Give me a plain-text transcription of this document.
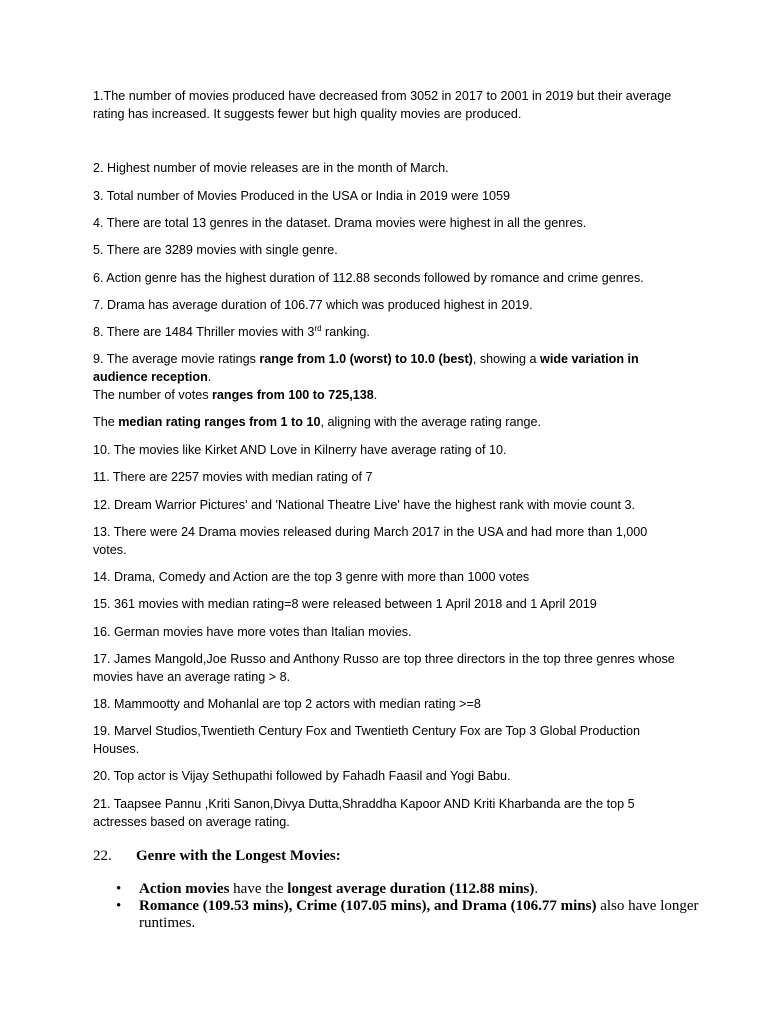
1.The number of movies produced have decreased from 3052 in 2017 to 2001 in 2019 but their average rating has increased. It suggests fewer but high quality movies are produced.

2. Highest number of movie releases are in the month of March.

3. Total number of Movies Produced in the USA or India in 2019 were 1059

4. There are total 13 genres in the dataset. Drama movies were highest in all the genres.

5. There are 3289 movies with single genre.

6. Action genre has the highest duration of 112.88 seconds followed by romance and crime genres.

7. Drama has average duration of 106.77 which was produced highest in 2019.

8. There are 1484 Thriller movies with 3rd ranking.

9. The average movie ratings range from 1.0 (worst) to 10.0 (best), showing a wide variation in audience reception.

The number of votes ranges from 100 to 725,138.

The median rating ranges from 1 to 10, aligning with the average rating range.

10. The movies like Kirket AND Love in Kilnerry have average rating of 10.

11. There are 2257 movies with median rating of 7

12. Dream Warrior Pictures' and 'National Theatre Live' have the highest rank with movie count 3.

13. There were 24 Drama movies released during March 2017 in the USA and had more than 1,000 votes.

14. Drama, Comedy and Action are the top 3 genre with more than 1000 votes

15. 361 movies with median rating=8 were released between 1 April 2018 and 1 April 2019

16. German movies have more votes than Italian movies.

17. James Mangold,Joe Russo and Anthony Russo are top three directors in the top three genres whose movies have an average rating > 8.

18. Mammootty and Mohanlal are top 2 actors with median rating >=8

19. Marvel Studios,Twentieth Century Fox and Twentieth Century Fox are Top 3 Global Production Houses.

20. Top actor is Vijay Sethupathi followed by Fahadh Faasil and Yogi Babu.

21. Taapsee Pannu ,Kriti Sanon,Divya Dutta,Shraddha Kapoor AND Kriti Kharbanda are the top 5 actresses based on average rating.

22. Genre with the Longest Movies:
• Action movies have the longest average duration (112.88 mins).

• Romance (109.53 mins), Crime (107.05 mins), and Drama (106.77 mins) also have longer runtimes.
